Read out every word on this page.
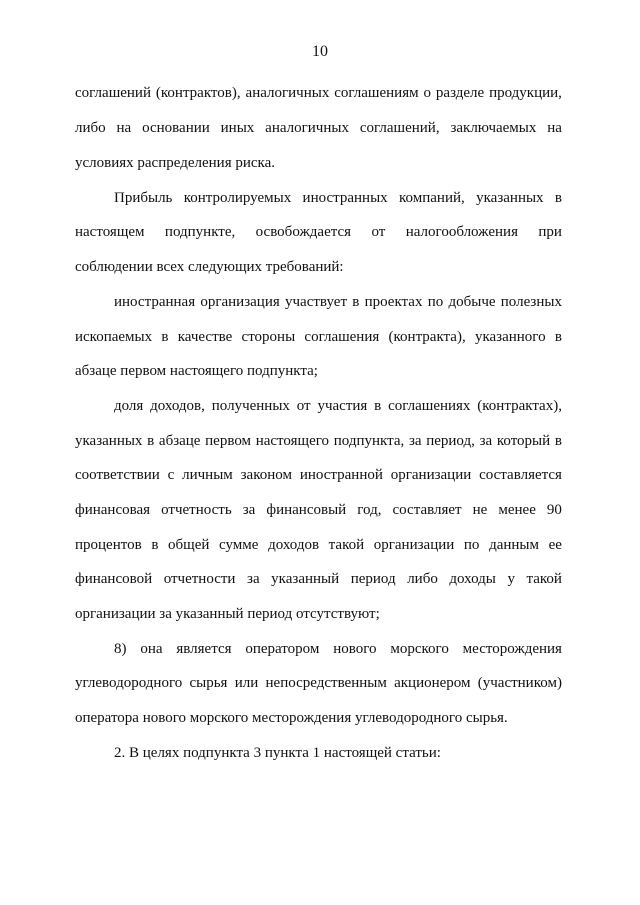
10
соглашений (контрактов), аналогичных соглашениям о разделе продукции,
либо на основании иных аналогичных соглашений, заключаемых на
условиях распределения риска.
Прибыль контролируемых иностранных компаний, указанных в
настоящем подпункте, освобождается от налогообложения при
соблюдении всех следующих требований:
иностранная организация участвует в проектах по добыче полезных
ископаемых в качестве стороны соглашения (контракта), указанного в
абзаце первом настоящего подпункта;
доля доходов, полученных от участия в соглашениях (контрактах),
указанных в абзаце первом настоящего подпункта, за период, за который в
соответствии с личным законом иностранной организации составляется
финансовая отчетность за финансовый год, составляет не менее 90
процентов в общей сумме доходов такой организации по данным ее
финансовой отчетности за указанный период либо доходы у такой
организации за указанный период отсутствуют;
8) она является оператором нового морского месторождения
углеводородного сырья или непосредственным акционером (участником)
оператора нового морского месторождения углеводородного сырья.
2. В целях подпункта 3 пункта 1 настоящей статьи:
